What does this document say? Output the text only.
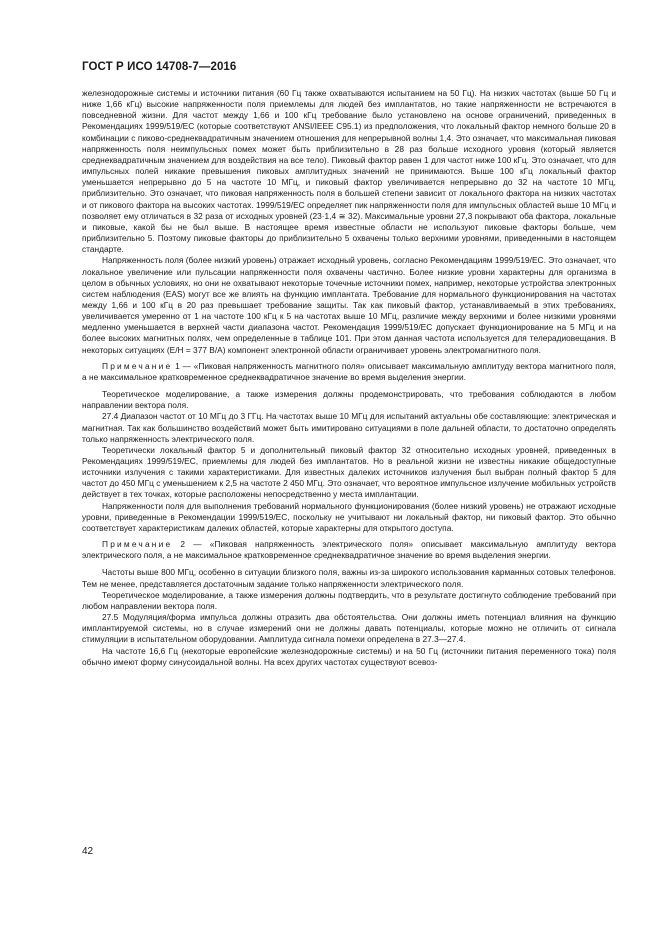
ГОСТ Р ИСО 14708-7—2016

железнодорожные системы и источники питания (60 Гц также охватываются испытанием на 50 Гц). На низких частотах (выше 50 Гц и ниже 1,66 кГц) высокие напряженности поля приемлемы для людей без имплантатов, но такие напряженности не встречаются в повседневной жизни. Для частот между 1,66 и 100 кГц требование было установлено на основе ограничений, приведенных в Рекомендациях 1999/519/EC (которые соответствуют ANSI/IEEE C95.1) из предположения, что локальный фактор немного больше 20 в комбинации с пиково-среднеквадратичным значением отношения для непрерывной волны 1,4. Это означает, что максимальная пиковая напряженность поля неимпульсных помех может быть приблизительно в 28 раз больше исходного уровня (который является среднеквадратичным значением для воздействия на все тело). Пиковый фактор равен 1 для частот ниже 100 кГц. Это означает, что для импульсных полей никакие превышения пиковых амплитудных значений не принимаются. Выше 100 кГц локальный фактор уменьшается непрерывно до 5 на частоте 10 МГц, и пиковый фактор увеличивается непрерывно до 32 на частоте 10 МГц, приблизительно. Это означает, что пиковая напряженность поля в большей степени зависит от локального фактора на низких частотах и от пикового фактора на высоких частотах. 1999/519/EC определяет пик напряженности поля для импульсных областей выше 10 МГц и позволяет ему отличаться в 32 раза от исходных уровней (23·1,4 ≅ 32). Максимальные уровни 27,3 покрывают оба фактора, локальные и пиковые, какой бы не был выше. В настоящее время известные области не используют пиковые факторы больше, чем приблизительно 5. Поэтому пиковые факторы до приблизительно 5 охвачены только верхними уровнями, приведенными в настоящем стандарте.

Напряженность поля (более низкий уровень) отражает исходный уровень, согласно Рекомендациям 1999/519/EC. Это означает, что локальное увеличение или пульсации напряженности поля охвачены частично. Более низкие уровни характерны для организма в целом в обычных условиях, но они не охватывают некоторые точечные источники помех, например, некоторые устройства электронных систем наблюдения (EAS) могут все же влиять на функцию имплантата. Требование для нормального функционирования на частотах между 1,66 и 100 кГц в 20 раз превышает требование защиты. Так как пиковый фактор, устанавливаемый в этих требованиях, увеличивается умеренно от 1 на частоте 100 кГц к 5 на частотах выше 10 МГц, различие между верхними и более низкими уровнями медленно уменьшается в верхней части диапазона частот. Рекомендация 1999/519/EC допускает функционирование на 5 МГц и на более высоких магнитных полях, чем определенные в таблице 101. При этом данная частота используется для телерадиовещания. В некоторых ситуациях (E/H = 377 В/А) компонент электронной области ограничивает уровень электромагнитного поля.

Примечание 1 — «Пиковая напряженность магнитного поля» описывает максимальную амплитуду вектора магнитного поля, а не максимальное кратковременное среднеквадратичное значение во время выделения энергии.

Теоретическое моделирование, а также измерения должны продемонстрировать, что требования соблюдаются в любом направлении вектора поля.

27.4 Диапазон частот от 10 МГц до 3 ГГц. На частотах выше 10 МГц для испытаний актуальны обе составляющие: электрическая и магнитная. Так как большинство воздействий может быть имитировано ситуациями в поле дальней области, то достаточно определять только напряженность электрического поля.

Теоретически локальный фактор 5 и дополнительный пиковый фактор 32 относительно исходных уровней, приведенных в Рекомендациях 1999/519/EC, приемлемы для людей без имплантатов. Но в реальной жизни не известны никакие общедоступные источники излучения с такими характеристиками. Для известных далеких источников излучения был выбран полный фактор 5 для частот до 450 МГц с уменьшением к 2,5 на частоте 2 450 МГц. Это означает, что вероятное импульсное излучение мобильных устройств действует в тех точках, которые расположены непосредственно у места имплантации.

Напряженности поля для выполнения требований нормального функционирования (более низкий уровень) не отражают исходные уровни, приведенные в Рекомендации 1999/519/EC, поскольку не учитывают ни локальный фактор, ни пиковый фактор. Это обычно соответствует характеристикам далеких областей, которые характерны для открытого доступа.

Примечание 2 — «Пиковая напряженность электрического поля» описывает максимальную амплитуду вектора электрического поля, а не максимальное кратковременное среднеквадратичное значение во время выделения энергии.

Частоты выше 800 МГц, особенно в ситуации близкого поля, важны из-за широкого использования карманных сотовых телефонов. Тем не менее, представляется достаточным задание только напряженности электрического поля.

Теоретическое моделирование, а также измерения должны подтвердить, что в результате достигнуто соблюдение требований при любом направлении вектора поля.

27.5 Модуляция/форма импульса должны отразить два обстоятельства. Они должны иметь потенциал влияния на функцию имплантируемой системы, но в случае измерений они не должны давать потенциалы, которые можно не отличить от сигнала стимуляции в испытательном оборудовании. Амплитуда сигнала помехи определена в 27.3—27.4.

На частоте 16,6 Гц (некоторые европейские железнодорожные системы) и на 50 Гц (источники питания переменного тока) поля обычно имеют форму синусоидальной волны. На всех других частотах существуют всевоз-

42
